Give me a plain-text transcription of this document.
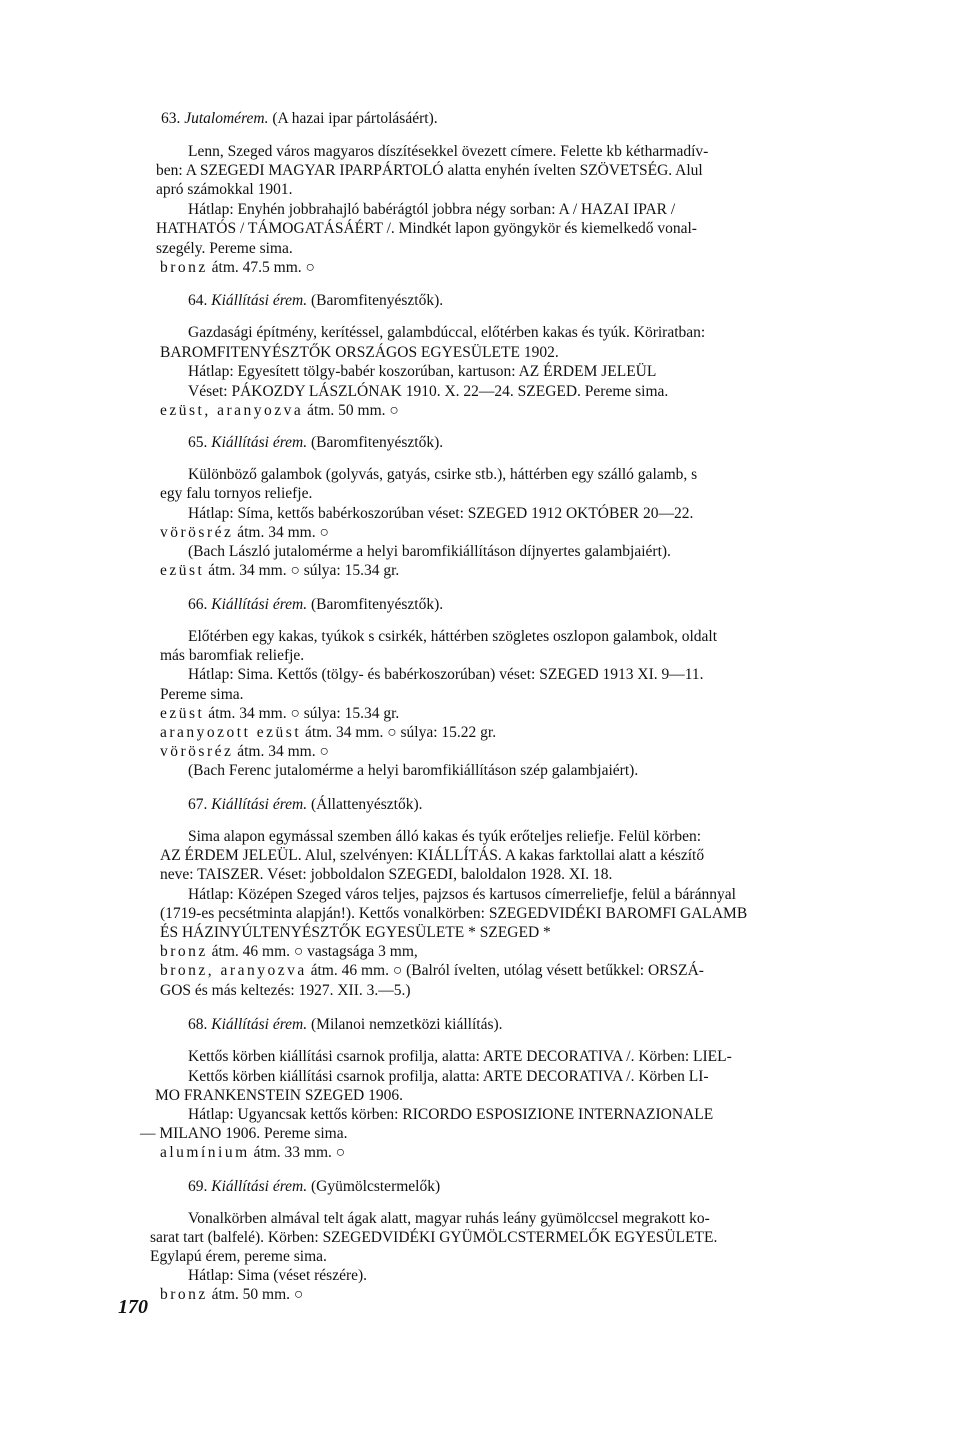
63. Jutalomérem. (A hazai ipar pártolásáért).
Lenn, Szeged város magyaros díszítésekkel övezett címere. Felette kb kétharmadív-
ben: A SZEGEDI MAGYAR IPARPÁRTOLÓ alatta enyhén ívelten SZÖVETSÉG. Alul
apró számokkal 1901.
Hátlap: Enyhén jobbrahajló babérágtól jobbra négy sorban: A / HAZAI IPAR /
HATHATÓS / TÁMOGATÁSÁÉRT /. Mindkét lapon gyöngykör és kiemelkedő vonal-
szegély. Pereme sima.
bronz átm. 47.5 mm. ○
64. Kiállítási érem. (Baromfitenyésztők).
Gazdasági építmény, kerítéssel, galambdúccal, előtérben kakas és tyúk. Köriratban:
BAROMFITENYÉSZTŐK ORSZÁGOS EGYESÜLETE 1902.
Hátlap: Egyesített tölgy-babér koszorúban, kartuson: AZ ÉRDEM JELEÜL
Véset: PÁKOZDY LÁSZLÓNAK 1910. X. 22—24. SZEGED. Pereme sima.
ezüst, aranyozva átm. 50 mm. ○
65. Kiállítási érem. (Baromfitenyésztők).
Különböző galambok (golyvás, gatyás, csirke stb.), háttérben egy szálló galamb, s
egy falu tornyos reliefje.
Hátlap: Síma, kettős babérkoszorúban véset: SZEGED 1912 OKTÓBER 20—22.
vörösréz átm. 34 mm. ○
(Bach László jutalomérme a helyi baromfikiállításon díjnyertes galambjaiért).
ezüst átm. 34 mm. ○ súlya: 15.34 gr.
66. Kiállítási érem. (Baromfitenyésztők).
Előtérben egy kakas, tyúkok s csirkék, háttérben szögletes oszlopon galambok, oldalt
más baromfiak reliefje.
Hátlap: Sima. Kettős (tölgy- és babérkoszorúban) véset: SZEGED 1913 XI. 9—11.
Pereme sima.
ezüst átm. 34 mm. ○ súlya: 15.34 gr.
aranyozott ezüst átm. 34 mm. ○ súlya: 15.22 gr.
vörösréz átm. 34 mm. ○
(Bach Ferenc jutalomérme a helyi baromfikiállításon szép galambjaiért).
67. Kiállítási érem. (Állattenyésztők).
Sima alapon egymással szemben álló kakas és tyúk erőteljes reliefje. Felül körben:
AZ ÉRDEM JELEÜL. Alul, szelvényen: KIÁLLÍTÁS. A kakas farktollai alatt a készítő
neve: TAISZER. Véset: jobboldalon SZEGEDI, baloldalon 1928. XI. 18.
Hátlap: Középen Szeged város teljes, pajzsos és kartusos címerreliefje, felül a báránnyal
(1719-es pecsétminta alapján!). Kettős vonalkörben: SZEGEDVIDÉKI BAROMFI GALAMB
ÉS HÁZINYÚLTENYÉSZTŐK EGYESÜLETE * SZEGED *
bronz átm. 46 mm. ○ vastagsága 3 mm,
bronz, aranyozva átm. 46 mm. ○ (Balról ívelten, utólag vésett betűkkel: ORSZÁ-
GOS és más keltezés: 1927. XII. 3.—5.)
68. Kiállítási érem. (Milanoi nemzetközi kiállítás).
Kettős körben kiállítási csarnok profilja, alatta: ARTE DECORATIVA /. Körben: LIEL-
Kettős körben kiállítási csarnok profilja, alatta: ARTE DECORATIVA /. Körben LI-
MO FRANKENSTEIN SZEGED 1906.
Hátlap: Ugyancsak kettős körben: RICORDO ESPOSIZIONE INTERNAZIONALE
— MILANO 1906. Pereme sima.
alumínium átm. 33 mm. ○
69. Kiállítási érem. (Gyümölcstermelők)
Vonalkörben almával telt ágak alatt, magyar ruhás leány gyümölccsel megrakott ko-
sarat tart (balfelé). Körben: SZEGEDVIDÉKI GYÜMÖLCSTERMELŐK EGYESÜLETE.
Egylapú érem, pereme sima.
Hátlap: Sima (véset részére).
bronz átm. 50 mm. ○
170
